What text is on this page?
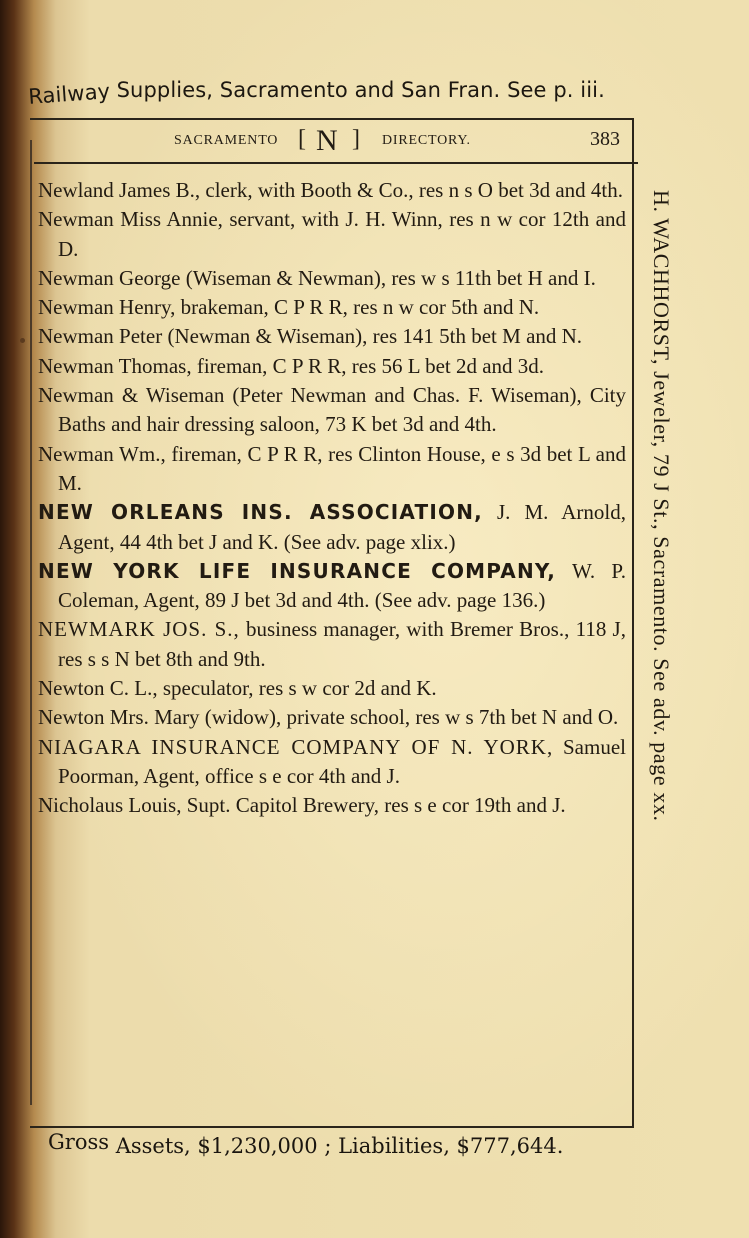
Railway Supplies, Sacramento and San Fran. See p. iii.
SACRAMENTO [ N ] DIRECTORY.	383
Newland James B., clerk, with Booth & Co., res n s O bet 3d and 4th.
Newman Miss Annie, servant, with J. H. Winn, res n w cor 12th and D.
Newman George (Wiseman & Newman), res w s 11th bet H and I.
Newman Henry, brakeman, C P R R, res n w cor 5th and N.
Newman Peter (Newman & Wiseman), res 141 5th bet M and N.
Newman Thomas, fireman, C P R R, res 56 L bet 2d and 3d.
Newman & Wiseman (Peter Newman and Chas. F. Wiseman), City Baths and hair dressing saloon, 73 K bet 3d and 4th.
Newman Wm., fireman, C P R R, res Clinton House, e s 3d bet L and M.
NEW ORLEANS INS. ASSOCIATION, J. M. Arnold, Agent, 44 4th bet J and K. (See adv. page xlix.)
NEW YORK LIFE INSURANCE COMPANY, W. P. Coleman, Agent, 89 J bet 3d and 4th. (See adv. page 136.)
NEWMARK JOS. S., business manager, with Bremer Bros., 118 J, res s s N bet 8th and 9th.
Newton C. L., speculator, res s w cor 2d and K.
Newton Mrs. Mary (widow), private school, res w s 7th bet N and O.
NIAGARA INSURANCE COMPANY OF N. YORK, Samuel Poorman, Agent, office s e cor 4th and J.
Nicholaus Louis, Supt. Capitol Brewery, res s e cor 19th and J.	H. WACHHORST, Jeweler, 79 J St., Sacramento. See adv. page xx.
Gross Assets, $1,230,000 ; Liabilities, $777,644.
